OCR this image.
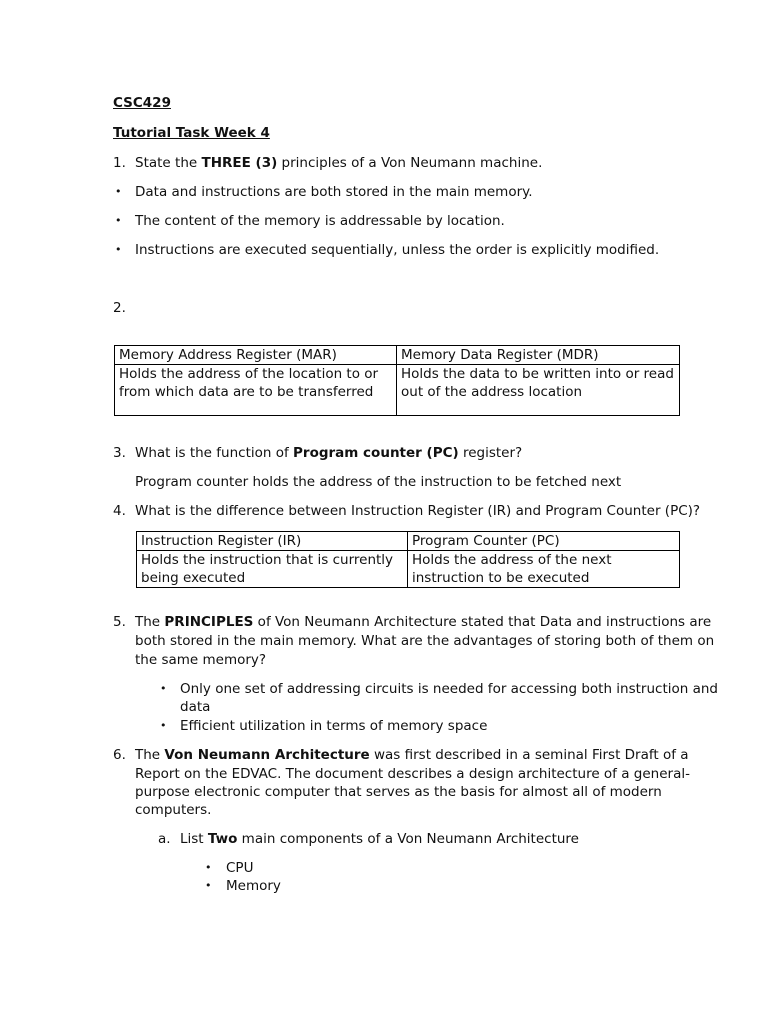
CSC429
Tutorial Task Week 4
1. State the THREE (3) principles of a Von Neumann machine.
• Data and instructions are both stored in the main memory.
• The content of the memory is addressable by location.
• Instructions are executed sequentially, unless the order is explicitly modified.
2.
Memory Address Register (MAR)	Memory Data Register (MDR)
Holds the address of the location to or from which data are to be transferred	Holds the data to be written into or read out of the address location
3. What is the function of Program counter (PC) register?
Program counter holds the address of the instruction to be fetched next
4. What is the difference between Instruction Register (IR) and Program Counter (PC)?
Instruction Register (IR)	Program Counter (PC)
Holds the instruction that is currently being executed	Holds the address of the next instruction to be executed
5. The PRINCIPLES of Von Neumann Architecture stated that Data and instructions are
both stored in the main memory. What are the advantages of storing both of them on
the same memory?
• Only one set of addressing circuits is needed for accessing both instruction and
data
• Efficient utilization in terms of memory space
6. The Von Neumann Architecture was first described in a seminal First Draft of a
Report on the EDVAC. The document describes a design architecture of a general-
purpose electronic computer that serves as the basis for almost all of modern
computers.
a. List Two main components of a Von Neumann Architecture
• CPU
• Memory
